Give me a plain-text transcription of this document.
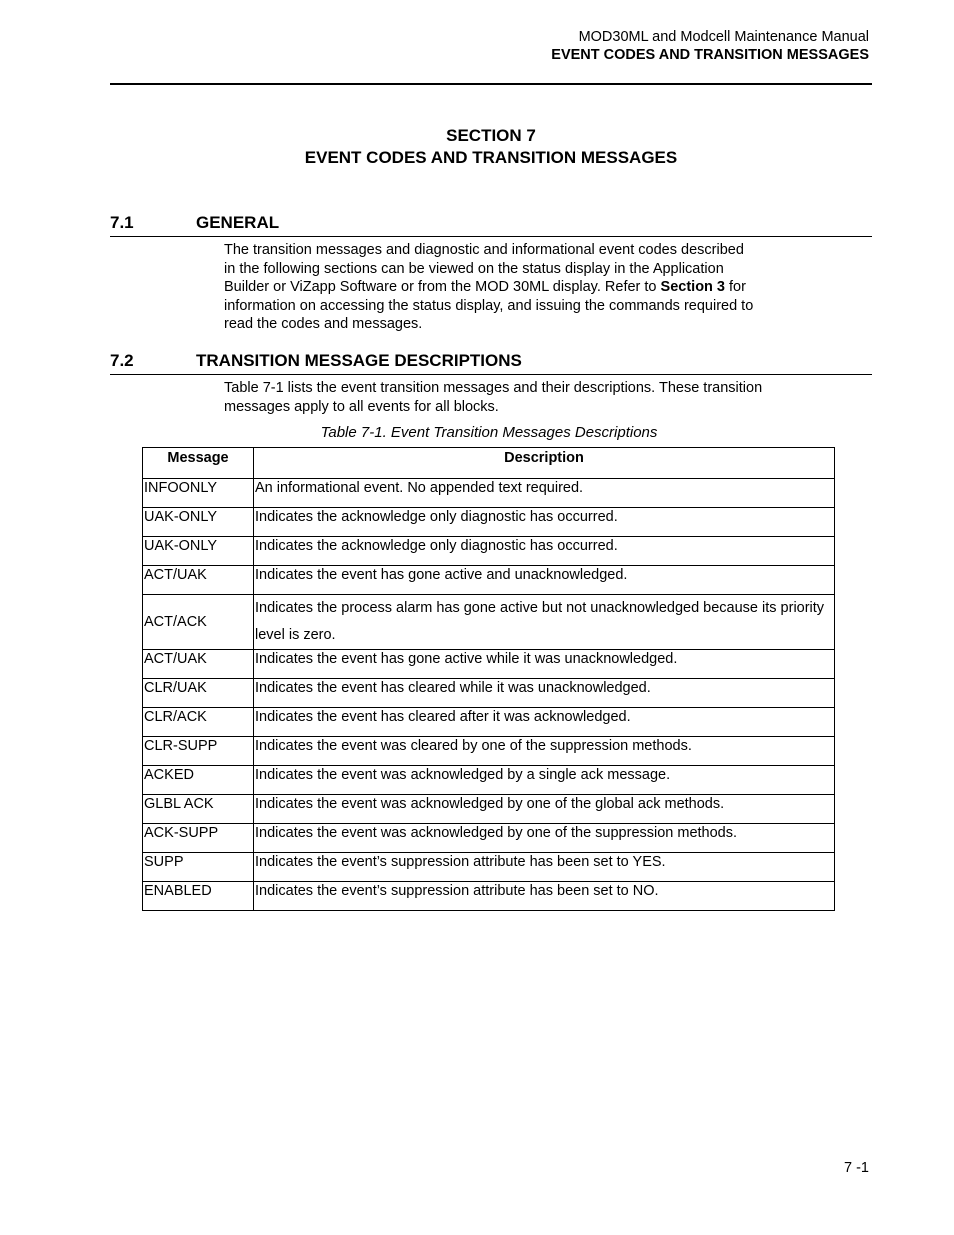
MOD30ML and Modcell Maintenance Manual
EVENT CODES AND TRANSITION MESSAGES
SECTION 7
EVENT CODES AND TRANSITION MESSAGES
7.1	GENERAL
The transition messages and diagnostic and informational event codes described
in the following sections can be viewed on the status display in the Application
Builder or ViZapp Software or from the MOD 30ML display. Refer to Section 3 for
information on accessing the status display, and issuing the commands required to
read the codes and messages.
7.2	TRANSITION MESSAGE DESCRIPTIONS
Table 7-1 lists the event transition messages and their descriptions. These transition
messages apply to all events for all blocks.
Table 7-1. Event Transition Messages Descriptions
Message	Description
INFOONLY	An informational event. No appended text required.
UAK-ONLY	Indicates the acknowledge only diagnostic has occurred.
UAK-ONLY	Indicates the acknowledge only diagnostic has occurred.
ACT/UAK	Indicates the event has gone active and unacknowledged.
ACT/ACK	Indicates the process alarm has gone active but not unacknowledged because its priority level is zero.
ACT/UAK	Indicates the event has gone active while it was unacknowledged.
CLR/UAK	Indicates the event has cleared while it was unacknowledged.
CLR/ACK	Indicates the event has cleared after it was acknowledged.
CLR-SUPP	Indicates the event was cleared by one of the suppression methods.
ACKED	Indicates the event was acknowledged by a single ack message.
GLBL ACK	Indicates the event was acknowledged by one of the global ack methods.
ACK-SUPP	Indicates the event was acknowledged by one of the suppression methods.
SUPP	Indicates the event’s suppression attribute has been set to YES.
ENABLED	Indicates the event’s suppression attribute has been set to NO.
7 -1
